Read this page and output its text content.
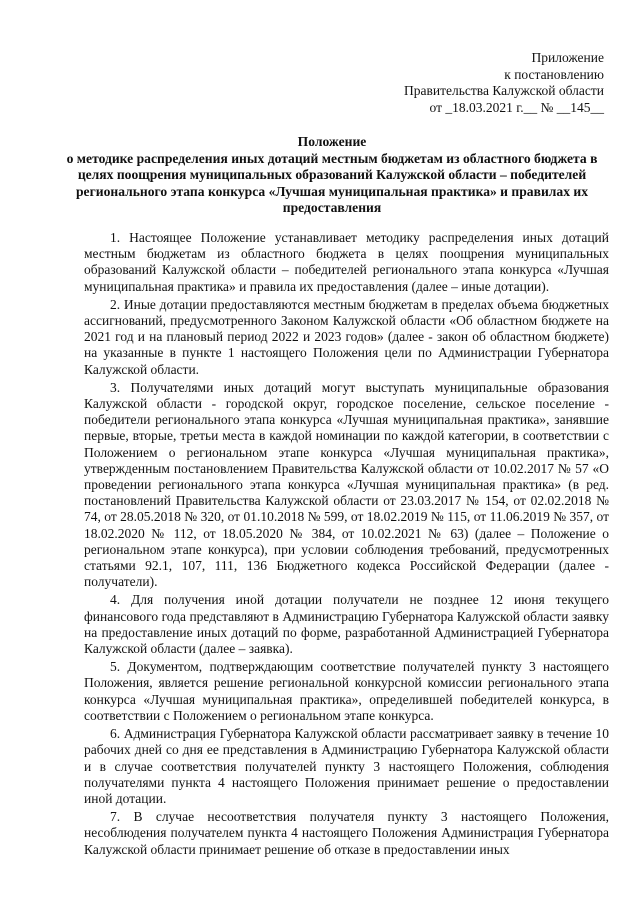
Приложение
к постановлению
Правительства Калужской области
от _18.03.2021 г.__ № __145__
Положение
о методике распределения иных дотаций местным бюджетам из областного бюджета в целях поощрения муниципальных образований Калужской области – победителей регионального этапа конкурса «Лучшая муниципальная практика» и правилах их предоставления

1. Настоящее Положение устанавливает методику распределения иных дотаций местным бюджетам из областного бюджета в целях поощрения муниципальных образований Калужской области – победителей регионального этапа конкурса «Лучшая муниципальная практика» и правила их предоставления (далее – иные дотации).

2. Иные дотации предоставляются местным бюджетам в пределах объема бюджетных ассигнований, предусмотренного Законом Калужской области «Об областном бюджете на 2021 год и на плановый период 2022 и 2023 годов» (далее - закон об областном бюджете) на указанные в пункте 1 настоящего Положения цели по Администрации Губернатора Калужской области.

3. Получателями иных дотаций могут выступать муниципальные образования Калужской области - городской округ, городское поселение, сельское поселение - победители регионального этапа конкурса «Лучшая муниципальная практика», занявшие первые, вторые, третьи места в каждой номинации по каждой категории, в соответствии с Положением о региональном этапе конкурса «Лучшая муниципальная практика», утвержденным постановлением Правительства Калужской области от 10.02.2017 № 57 «О проведении регионального этапа конкурса «Лучшая муниципальная практика» (в ред. постановлений Правительства Калужской области от 23.03.2017 № 154, от 02.02.2018 № 74, от 28.05.2018 № 320, от 01.10.2018 № 599, от 18.02.2019 № 115, от 11.06.2019 № 357, от 18.02.2020 № 112, от 18.05.2020 № 384, от 10.02.2021 № 63) (далее – Положение о региональном этапе конкурса), при условии соблюдения требований, предусмотренных статьями 92.1, 107, 111, 136 Бюджетного кодекса Российской Федерации (далее - получатели).

4. Для получения иной дотации получатели не позднее 12 июня текущего финансового года представляют в Администрацию Губернатора Калужской области заявку на предоставление иных дотаций по форме, разработанной Администрацией Губернатора Калужской области (далее – заявка).

5. Документом, подтверждающим соответствие получателей пункту 3 настоящего Положения, является решение региональной конкурсной комиссии регионального этапа конкурса «Лучшая муниципальная практика», определившей победителей конкурса, в соответствии с Положением о региональном этапе конкурса.

6. Администрация Губернатора Калужской области рассматривает заявку в течение 10 рабочих дней со дня ее представления в Администрацию Губернатора Калужской области и в случае соответствия получателей пункту 3 настоящего Положения, соблюдения получателями пункта 4 настоящего Положения принимает решение о предоставлении иной дотации.

7. В случае несоответствия получателя пункту 3 настоящего Положения, несоблюдения получателем пункта 4 настоящего Положения Администрация Губернатора Калужской области принимает решение об отказе в предоставлении иных
